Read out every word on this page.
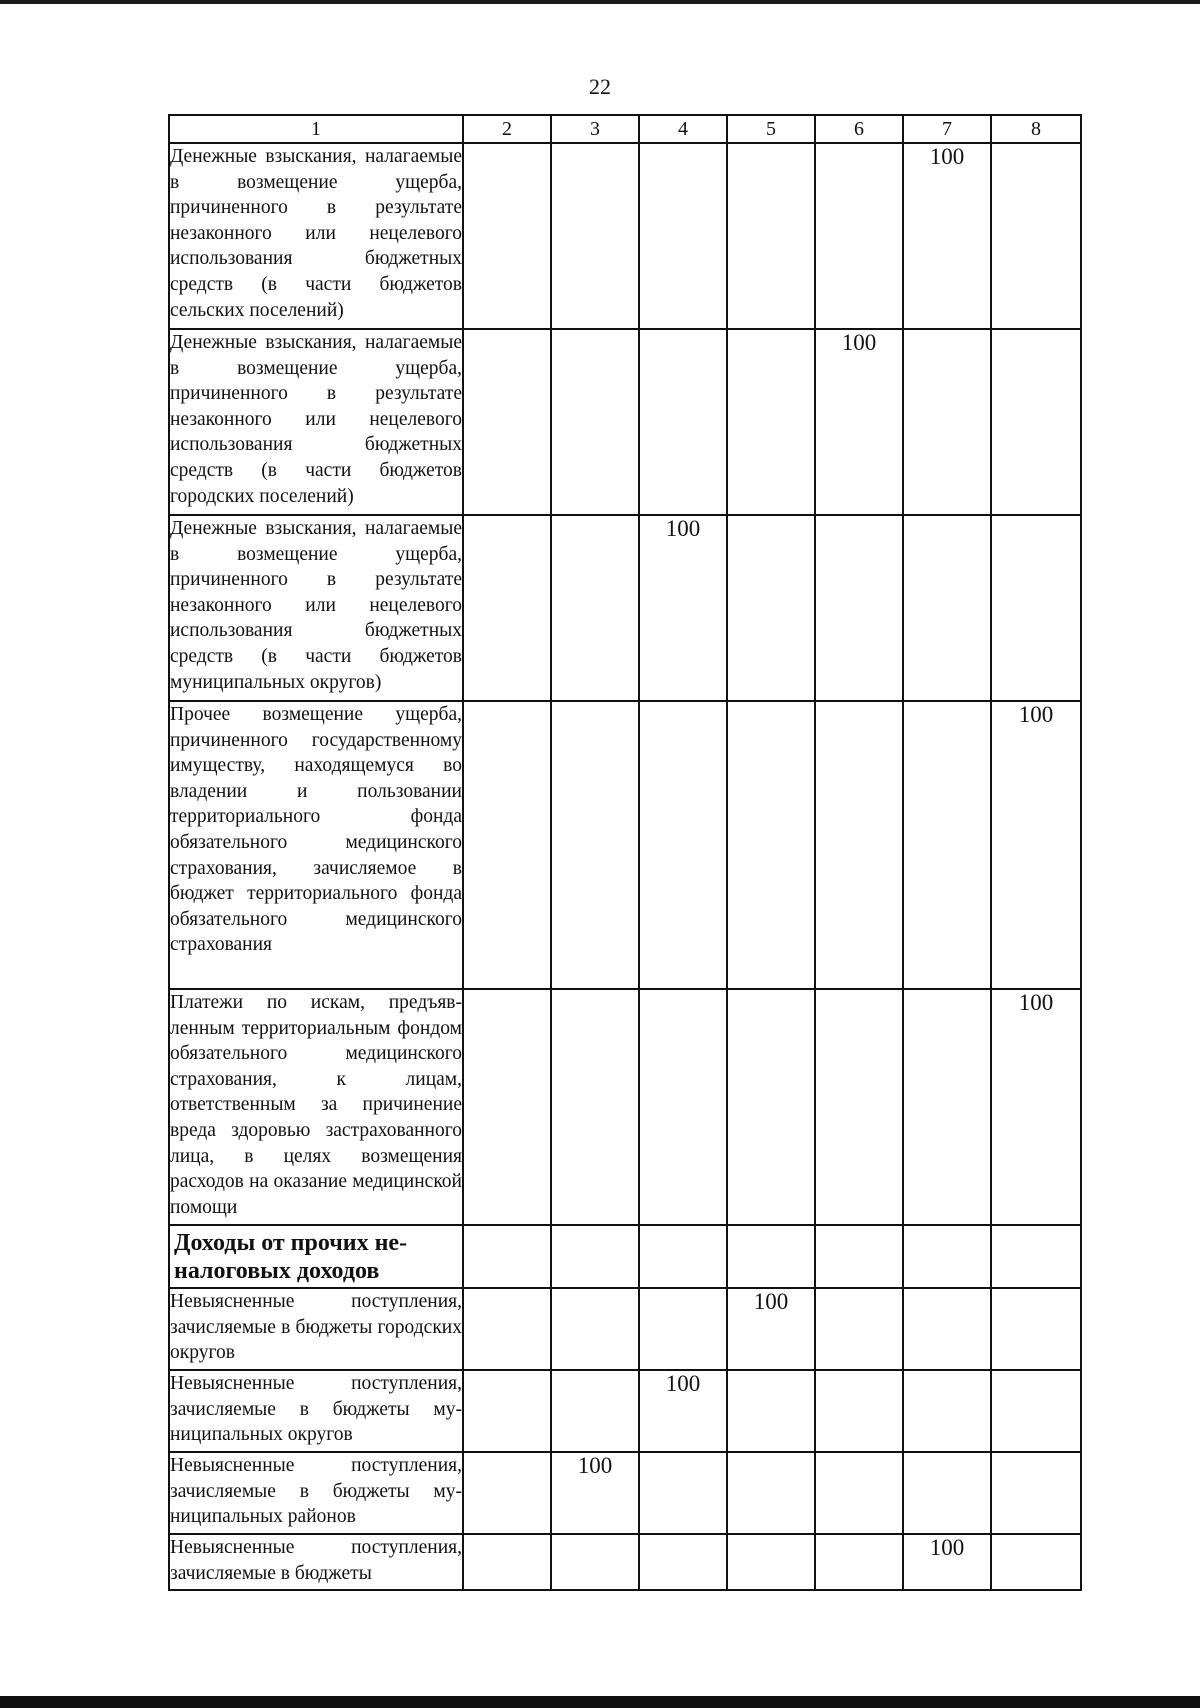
22
1	2	3	4	5	6	7	8
Денежные взыскания, налагаемые в возмещение ущерба, причиненного в результате незаконного или нецелевого использования бюджетных средств (в части бюджетов сельских поселений)						100	
Денежные взыскания, налагаемые в возмещение ущерба, причиненного в результате незаконного или нецелевого использования бюджетных средств (в части бюджетов городских поселений)					100		
Денежные взыскания, налагаемые в возмещение ущерба, причиненного в результате незаконного или нецелевого использования бюджетных средств (в части бюджетов муниципальных округов)			100				
Прочее возмещение ущерба, причиненного государственному имуществу, находящемуся во владении и пользовании территориального фонда обязательного медицинского страхования, зачисляемое в бюджет территориального фонда обязательного медицинского страхования							100
Платежи по искам, предъявленным территориальным фондом обязательного медицинского страхования, к лицам, ответственным за причинение вреда здоровью застрахованного лица, в целях возмещения расходов на оказание медицинской помощи							100
Доходы от прочих неналоговых доходов							
Невыясненные поступления, зачисляемые в бюджеты городских округов				100			
Невыясненные поступления, зачисляемые в бюджеты муниципальных округов			100				
Невыясненные поступления, зачисляемые в бюджеты муниципальных районов		100					
Невыясненные поступления, зачисляемые в бюджеты						100	
